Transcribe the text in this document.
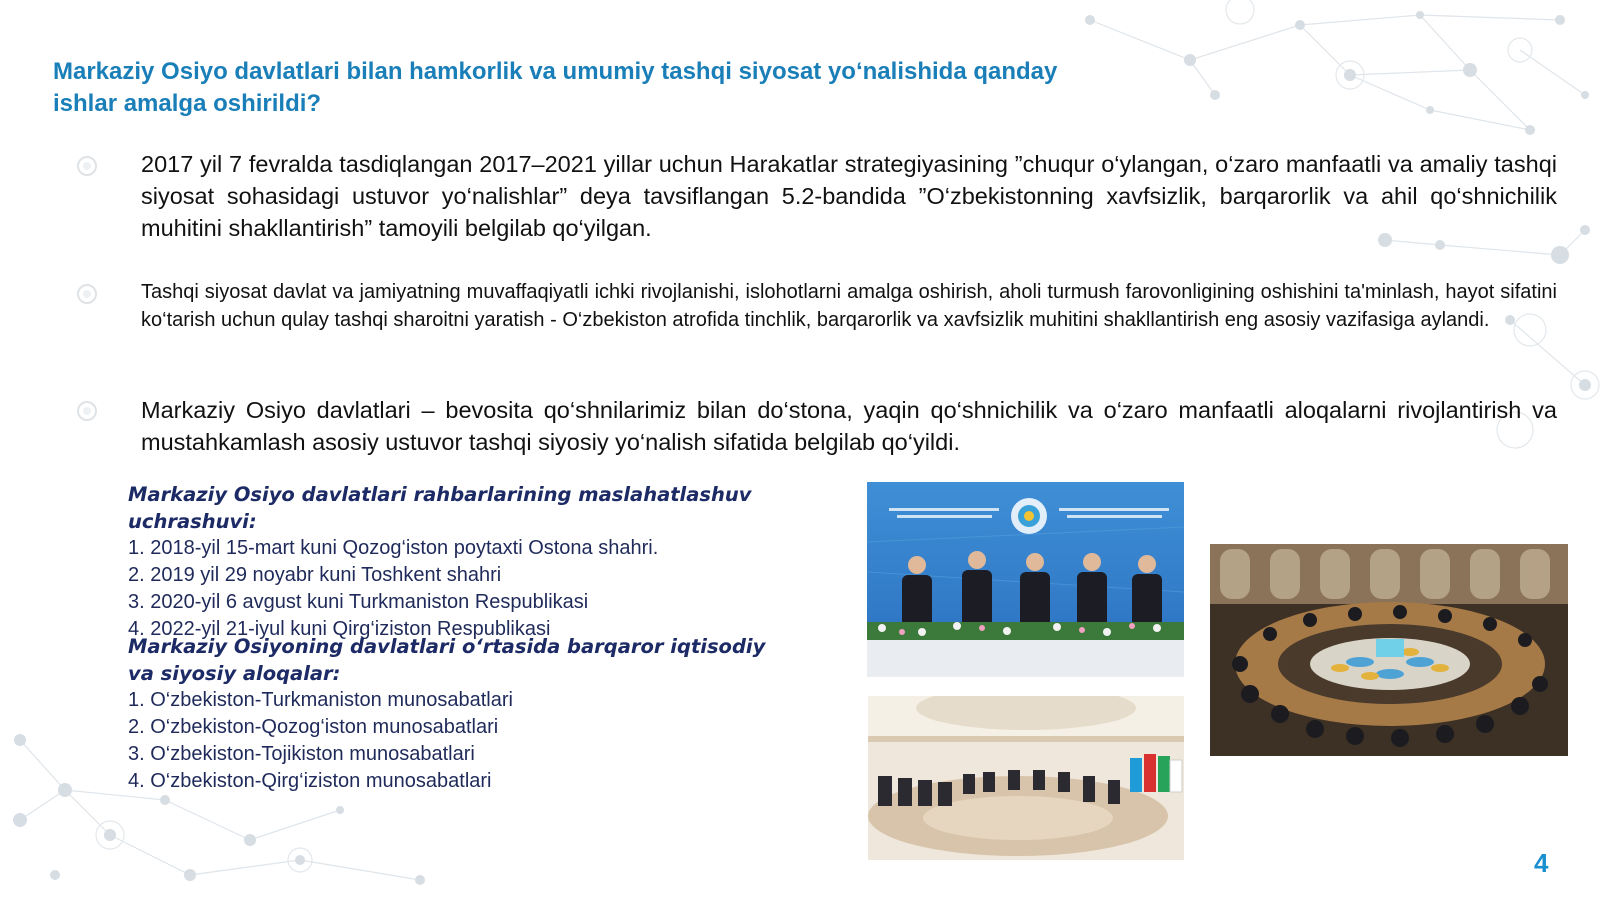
Markaziy Osiyo davlatlari bilan hamkorlik va umumiy tashqi siyosat yo‘nalishida qanday ishlar amalga oshirildi?

2017 yil 7 fevralda tasdiqlangan 2017–2021 yillar uchun Harakatlar strategiyasining ”chuqur o‘ylangan, o‘zaro manfaatli va amaliy tashqi siyosat sohasidagi ustuvor yo‘nalishlar” deya tavsiflangan 5.2-bandida ”O‘zbekistonning xavfsizlik, barqarorlik va ahil qo‘shnichilik muhitini shakllantirish” tamoyili belgilab qo‘yilgan.

Tashqi siyosat davlat va jamiyatning muvaffaqiyatli ichki rivojlanishi, islohotlarni amalga oshirish, aholi turmush farovonligining oshishini ta'minlash, hayot sifatini ko‘tarish uchun qulay tashqi sharoitni yaratish - O‘zbekiston atrofida tinchlik, barqarorlik va xavfsizlik muhitini shakllantirish eng asosiy vazifasiga aylandi.

Markaziy Osiyo davlatlari – bevosita qo‘shnilarimiz bilan do‘stona, yaqin qo‘shnichilik va o‘zaro manfaatli aloqalarni rivojlantirish va mustahkamlash asosiy ustuvor tashqi siyosiy yo‘nalish sifatida belgilab qo‘yildi.

Markaziy Osiyo davlatlari rahbarlarining maslahatlashuv uchrashuvi:

1. 2018-yil 15-mart kuni Qozog‘iston poytaxti Ostona shahri.
2. 2019 yil 29 noyabr kuni Toshkent shahri
3. 2020-yil 6 avgust kuni Turkmaniston Respublikasi
4. 2022-yil 21-iyul kuni Qirg‘iziston Respublikasi

Markaziy Osiyoning davlatlari o‘rtasida barqaror iqtisodiy va siyosiy aloqalar:

1. O‘zbekiston-Turkmaniston munosabatlari
2. O‘zbekiston-Qozog‘iston munosabatlari
3. O‘zbekiston-Tojikiston munosabatlari
4. O‘zbekiston-Qirg‘iziston munosabatlari
4
